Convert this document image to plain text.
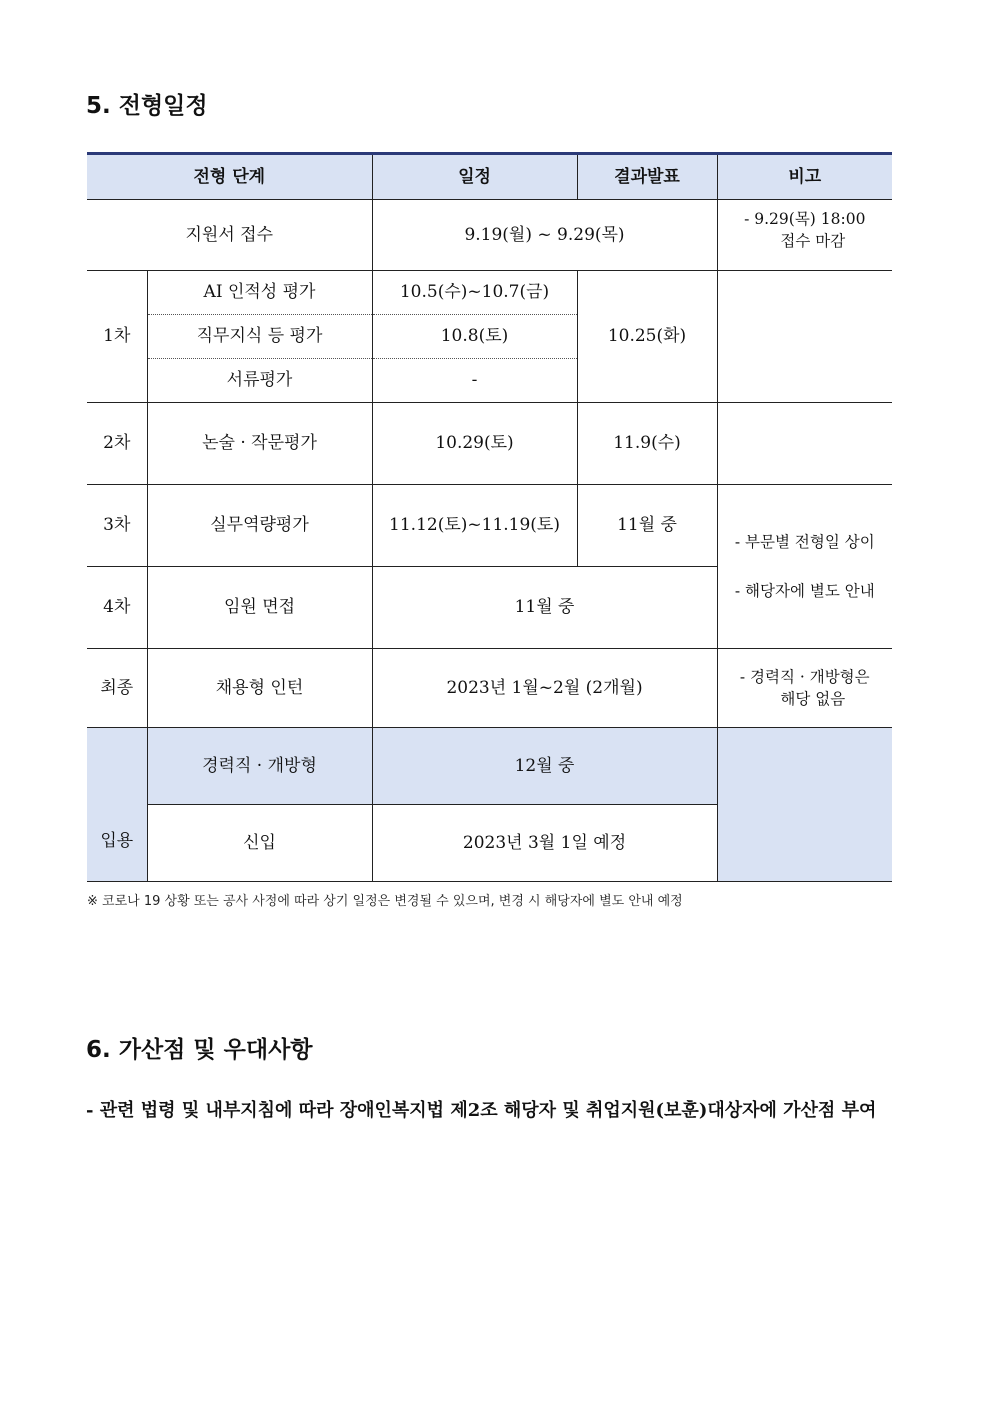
5. 전형일정
전형 단계		일정	결과발표	비고
지원서 접수		9.19(월) ~ 9.29(목)		- 9.29(목) 18:00
접수 마감

1차	AI 인적성 평가	10.5(수)~10.7(금)	10.25(화)	
	직무지식 등 평가	10.8(토)		
	서류평가	-		
2차	논술 · 작문평가	10.29(토)	11.9(수)	
3차	실무역량평가	11.12(토)~11.19(토)	11월 중	- 부문별 전형일 상이
- 해당자에 별도 안내

4차	임원 면접	11월 중		
최종	채용형 인턴	2023년 1월~2월 (2개월)		- 경력직 · 개방형은
해당 없음

입용	경력직 · 개방형	12월 중		
	신입	2023년 3월 1일 예정		
※ 코로나 19 상황 또는 공사 사정에 따라 상기 일정은 변경될 수 있으며, 변경 시 해당자에 별도 안내 예정
6. 가산점 및 우대사항

- 관련 법령 및 내부지침에 따라 장애인복지법 제2조 해당자 및 취업지원(보훈)대상자에 가산점 부여
